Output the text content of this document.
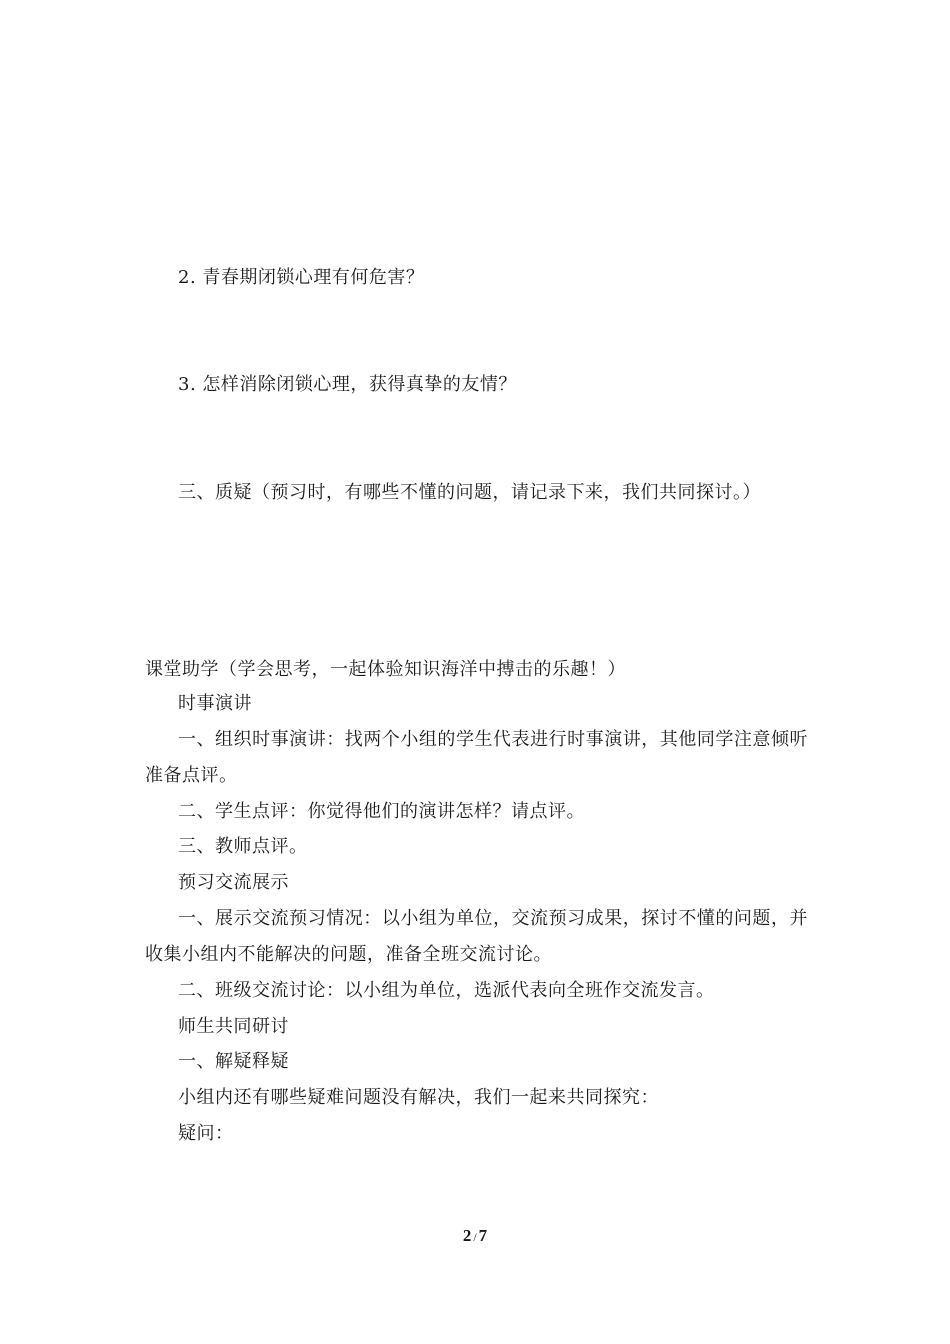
2. 青春期闭锁心理有何危害？
3. 怎样消除闭锁心理，获得真挚的友情？
三、质疑（预习时，有哪些不懂的问题，请记录下来，我们共同探讨。）
课堂助学（学会思考，一起体验知识海洋中搏击的乐趣！）
时事演讲
一、组织时事演讲：找两个小组的学生代表进行时事演讲，其他同学注意倾听
准备点评。
二、学生点评：你觉得他们的演讲怎样？请点评。
三、教师点评。
预习交流展示
一、展示交流预习情况：以小组为单位，交流预习成果，探讨不懂的问题，并
收集小组内不能解决的问题，准备全班交流讨论。
二、班级交流讨论：以小组为单位，选派代表向全班作交流发言。
师生共同研讨
一、解疑释疑
小组内还有哪些疑难问题没有解决，我们一起来共同探究：
疑问：
2 / 7
